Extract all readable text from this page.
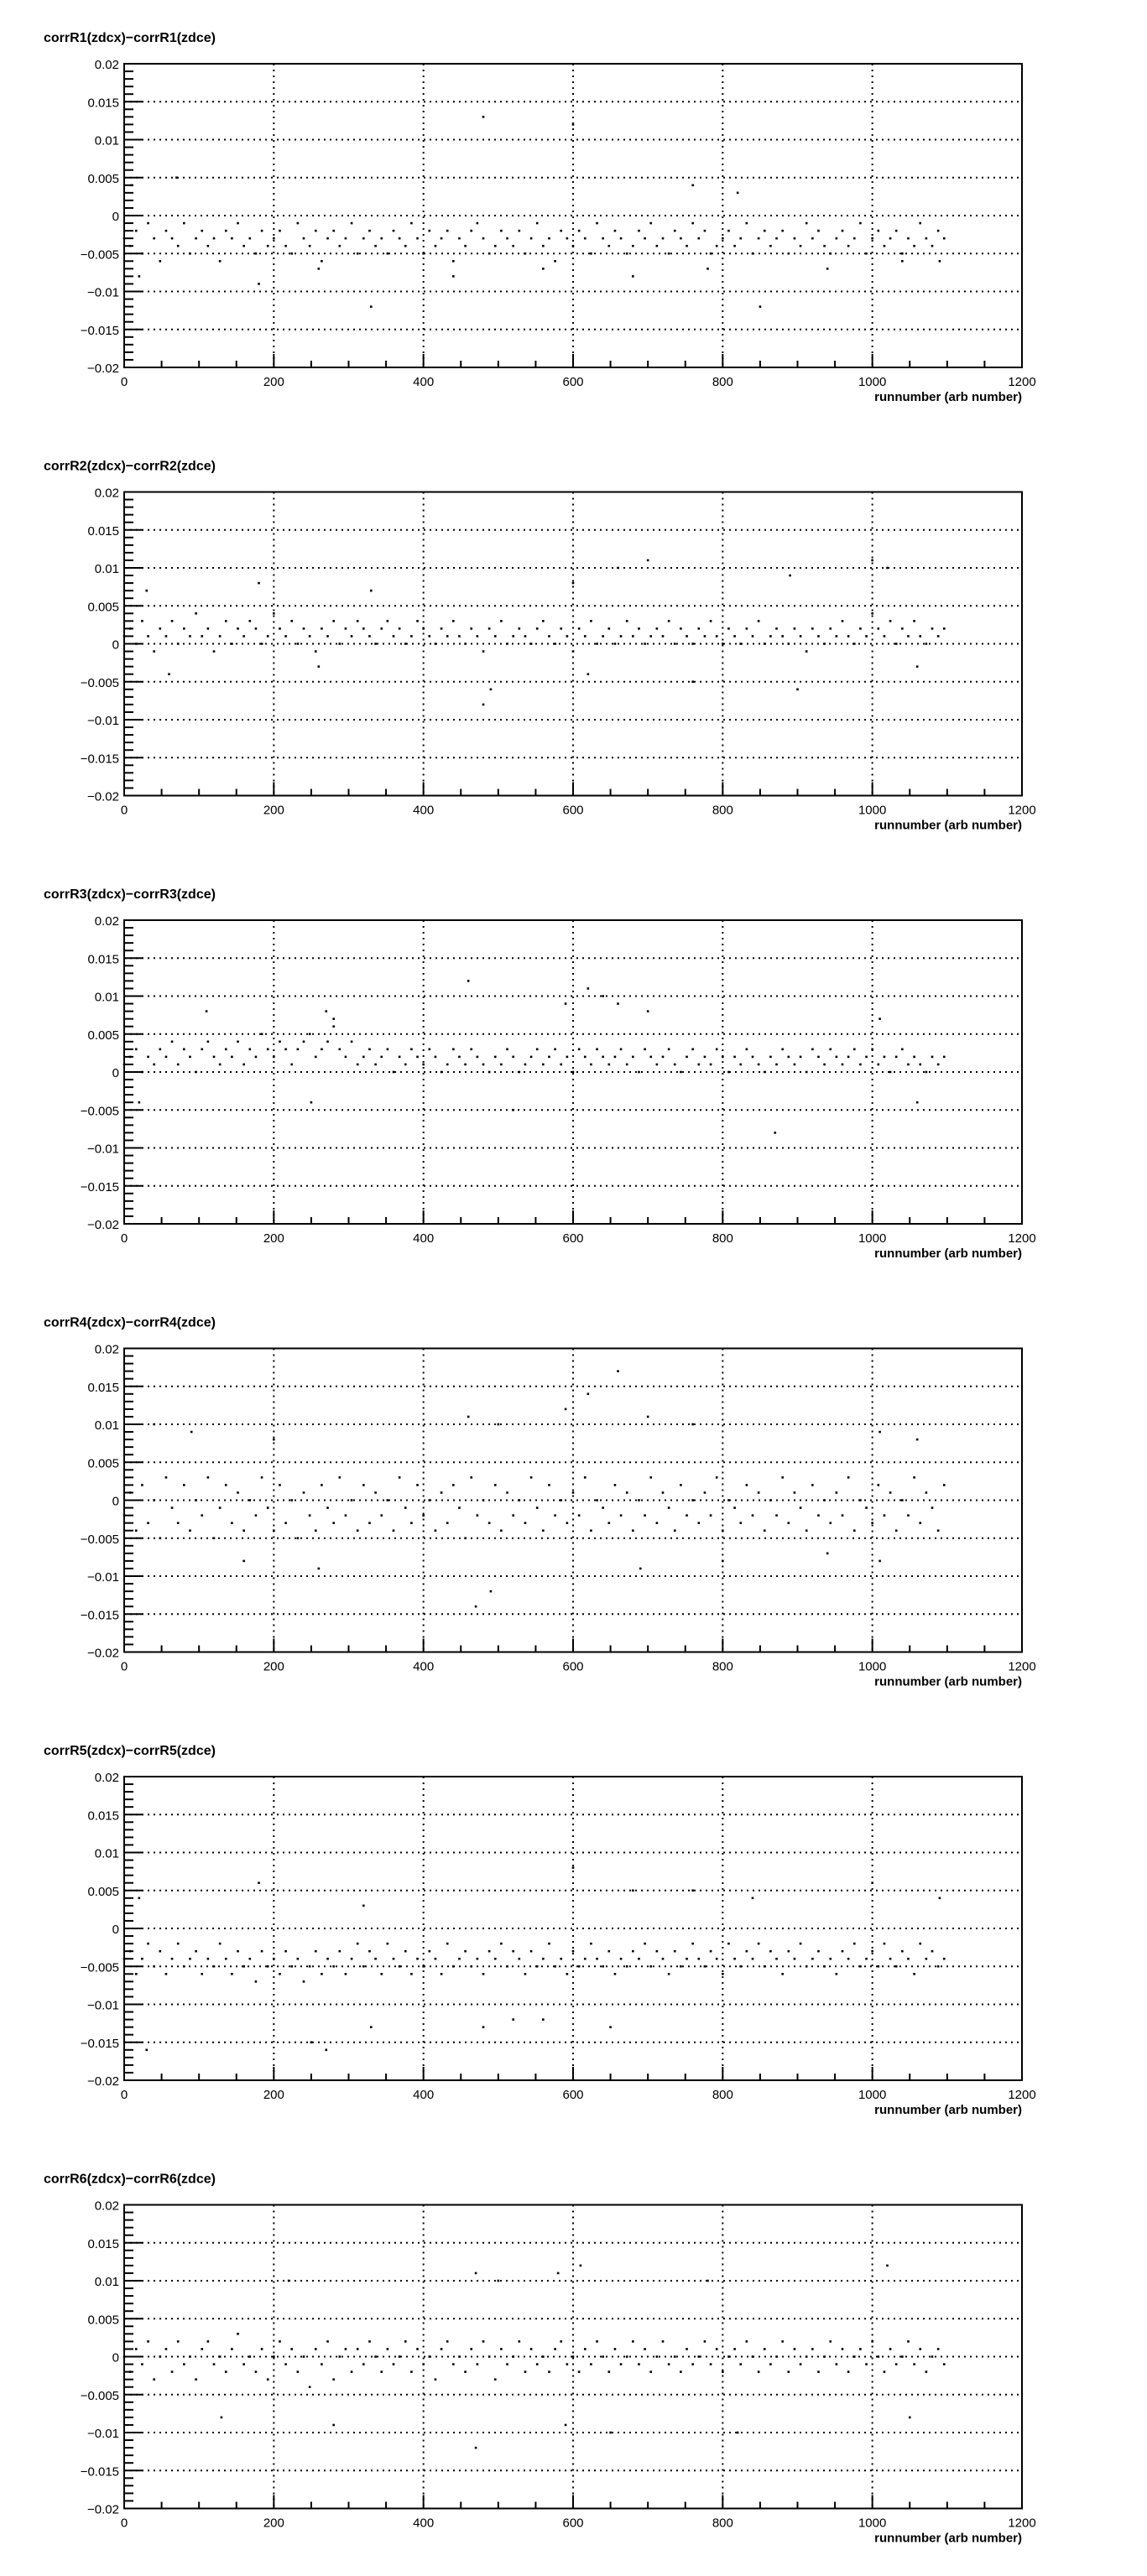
corrR1(zdcx)−corrR1(zdce)
−0.02
−0.015
−0.01
−0.005
0
0.005
0.01
0.015
0.02
0	200	400	600	800	1000	1200
runnumber (arb number)
corrR2(zdcx)−corrR2(zdce)
−0.02
−0.015
−0.01
−0.005
0
0.005
0.01
0.015
0.02
0	200	400	600	800	1000	1200
runnumber (arb number)
corrR3(zdcx)−corrR3(zdce)
−0.02
−0.015
−0.01
−0.005
0
0.005
0.01
0.015
0.02
0	200	400	600	800	1000	1200
runnumber (arb number)
corrR4(zdcx)−corrR4(zdce)
−0.02
−0.015
−0.01
−0.005
0
0.005
0.01
0.015
0.02
0	200	400	600	800	1000	1200
runnumber (arb number)
corrR5(zdcx)−corrR5(zdce)
−0.02
−0.015
−0.01
−0.005
0
0.005
0.01
0.015
0.02
0	200	400	600	800	1000	1200
runnumber (arb number)
corrR6(zdcx)−corrR6(zdce)
−0.02
−0.015
−0.01
−0.005
0
0.005
0.01
0.015
0.02
0	200	400	600	800	1000	1200
runnumber (arb number)
